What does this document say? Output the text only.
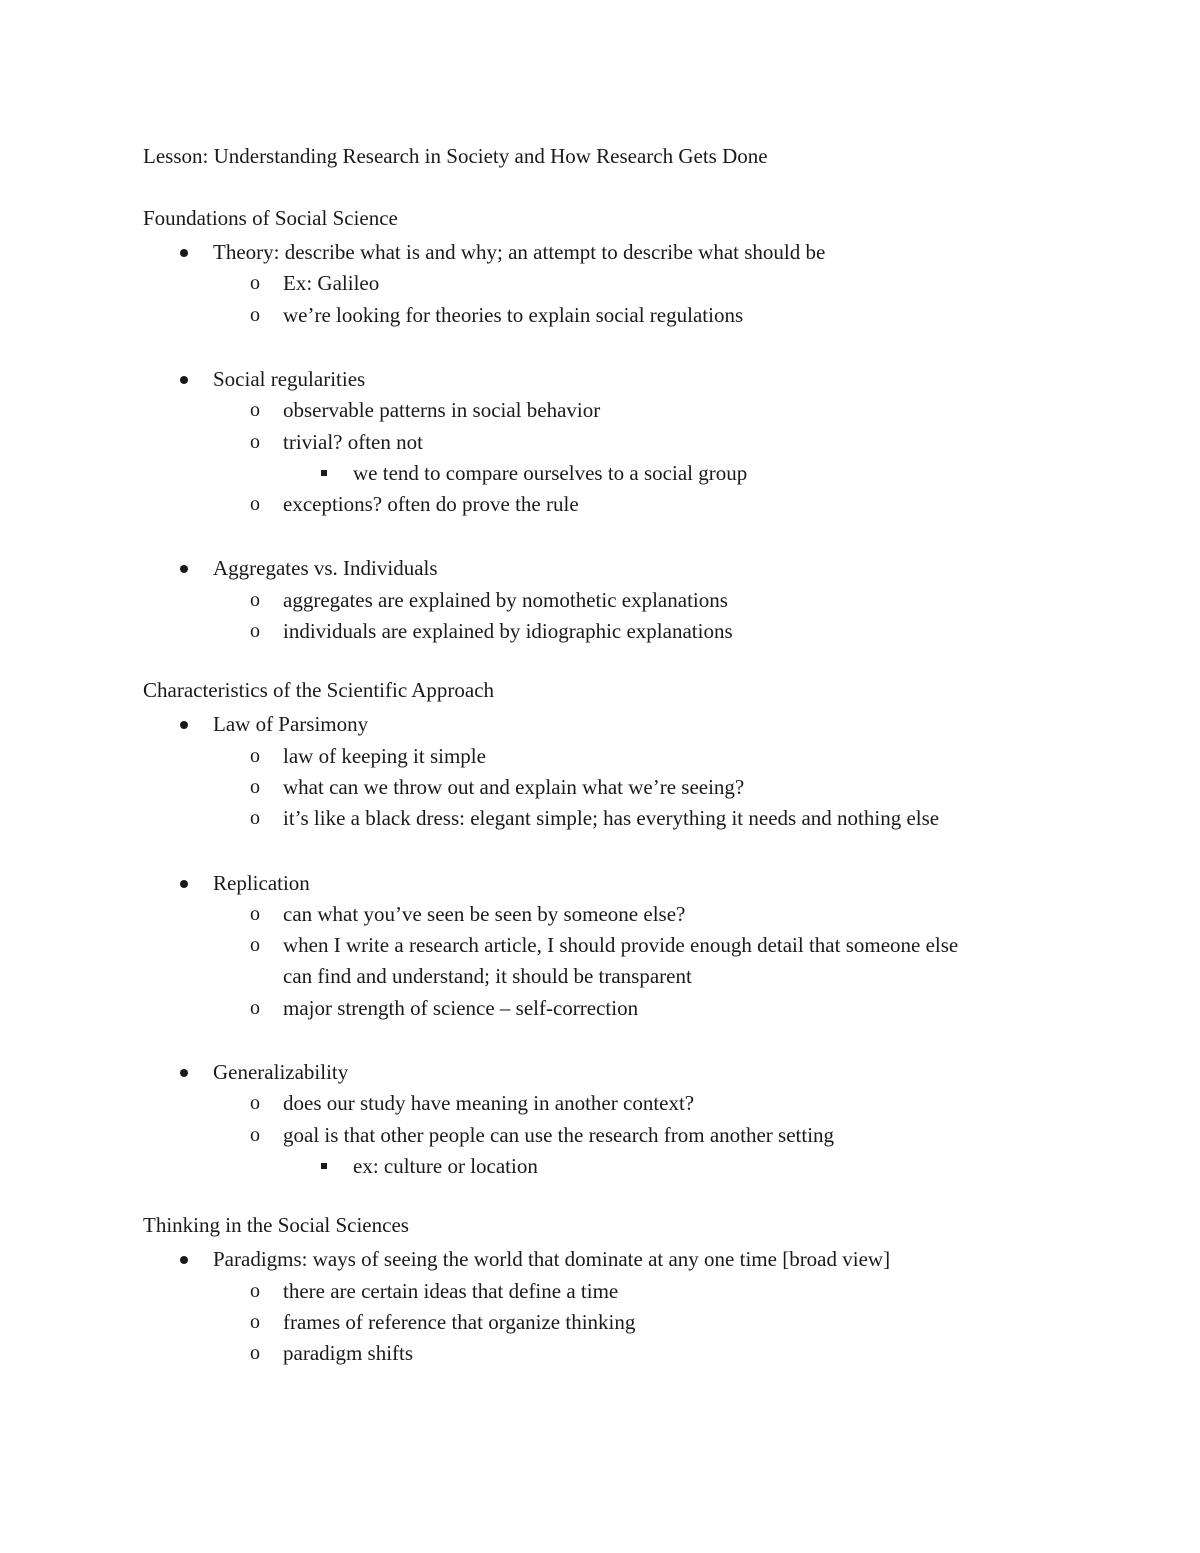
Lesson: Understanding Research in Society and How Research Gets Done
Foundations of Social Science
Theory: describe what is and why; an attempt to describe what should be
o Ex: Galileo
o we’re looking for theories to explain social regulations
Social regularities
o observable patterns in social behavior
o trivial? often not
we tend to compare ourselves to a social group
o exceptions? often do prove the rule
Aggregates vs. Individuals
o aggregates are explained by nomothetic explanations
o individuals are explained by idiographic explanations
Characteristics of the Scientific Approach
Law of Parsimony
o law of keeping it simple
o what can we throw out and explain what we’re seeing?
o it’s like a black dress: elegant simple; has everything it needs and nothing else
Replication
o can what you’ve seen be seen by someone else?
o when I write a research article, I should provide enough detail that someone else
can find and understand; it should be transparent
o major strength of science – self-correction
Generalizability
o does our study have meaning in another context?
o goal is that other people can use the research from another setting
ex: culture or location
Thinking in the Social Sciences
Paradigms: ways of seeing the world that dominate at any one time [broad view]
o there are certain ideas that define a time
o frames of reference that organize thinking
o paradigm shifts
